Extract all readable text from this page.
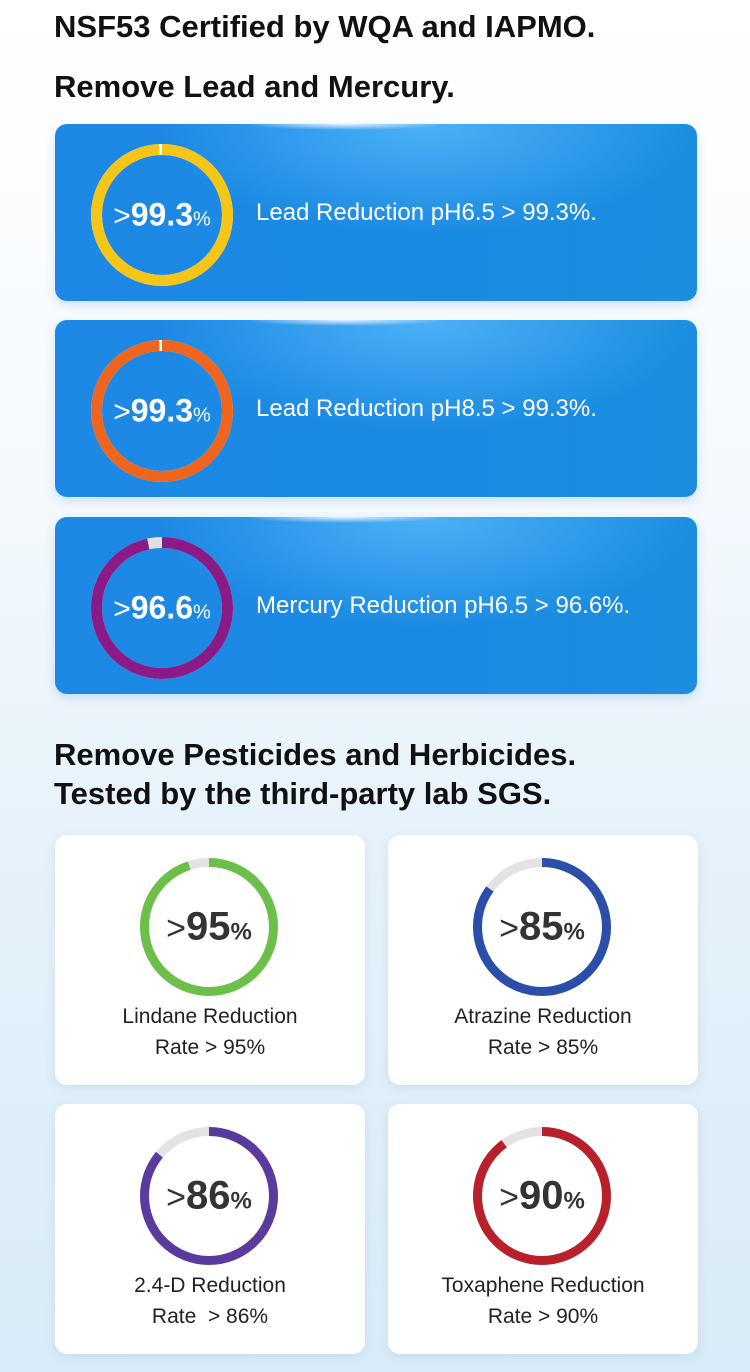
NSF53 Certified by WQA and IAPMO.
Remove Lead and Mercury.
>99.3%	Lead Reduction pH6.5 > 99.3%.
>99.3%	Lead Reduction pH8.5 > 99.3%.
>96.6%	Mercury Reduction pH6.5 > 96.6%.
Remove Pesticides and Herbicides.
Tested by the third-party lab SGS.
>95%
Lindane Reduction
Rate > 95%
>85%
Atrazine Reduction
Rate > 85%
>86%
2.4-D Reduction
Rate  > 86%
>90%
Toxaphene Reduction
Rate > 90%
